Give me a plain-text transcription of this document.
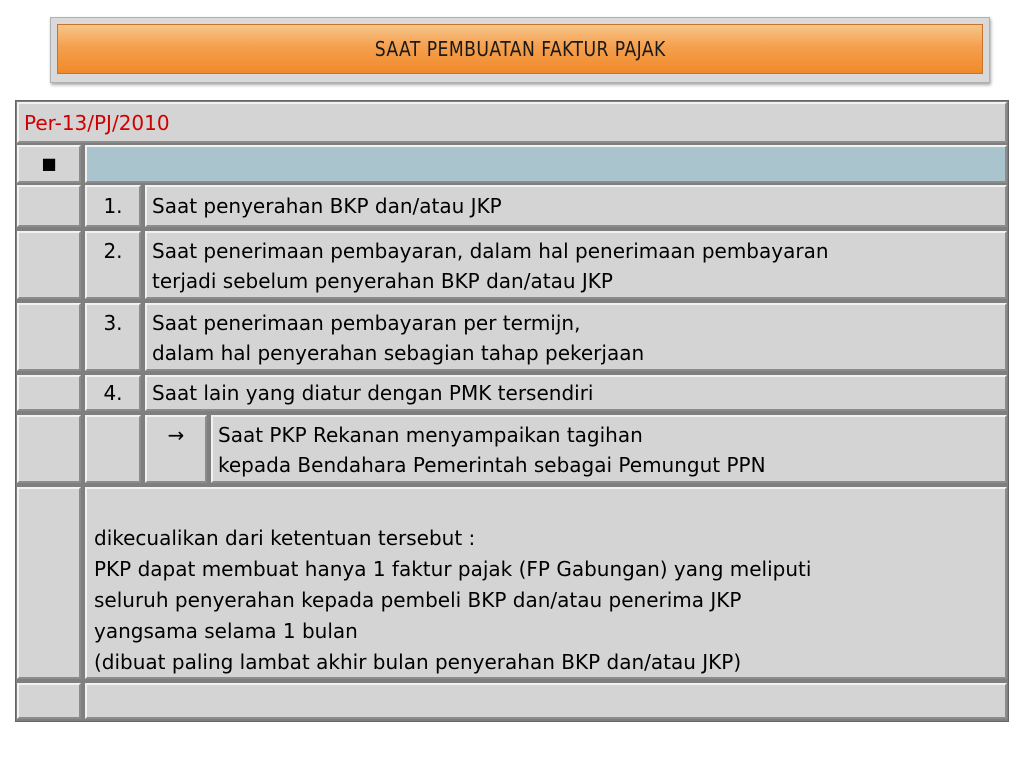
SAAT PEMBUATAN FAKTUR PAJAK
Per-13/PJ/2010
■
1. Saat penyerahan BKP dan/atau JKP
2.	Saat penerimaan pembayaran, dalam hal penerimaan pembayaran
terjadi sebelum penyerahan BKP dan/atau JKP
3.	Saat penerimaan pembayaran per termijn,
dalam hal penyerahan sebagian tahap pekerjaan
4. Saat lain yang diatur dengan PMK tersendiri
→	Saat PKP Rekanan menyampaikan tagihan
kepada Bendahara Pemerintah sebagai Pemungut PPN
dikecualikan dari ketentuan tersebut :
PKP dapat membuat hanya 1 faktur pajak (FP Gabungan) yang meliputi
seluruh penyerahan kepada pembeli BKP dan/atau penerima JKP
yangsama selama 1 bulan
(dibuat paling lambat akhir bulan penyerahan BKP dan/atau JKP)
